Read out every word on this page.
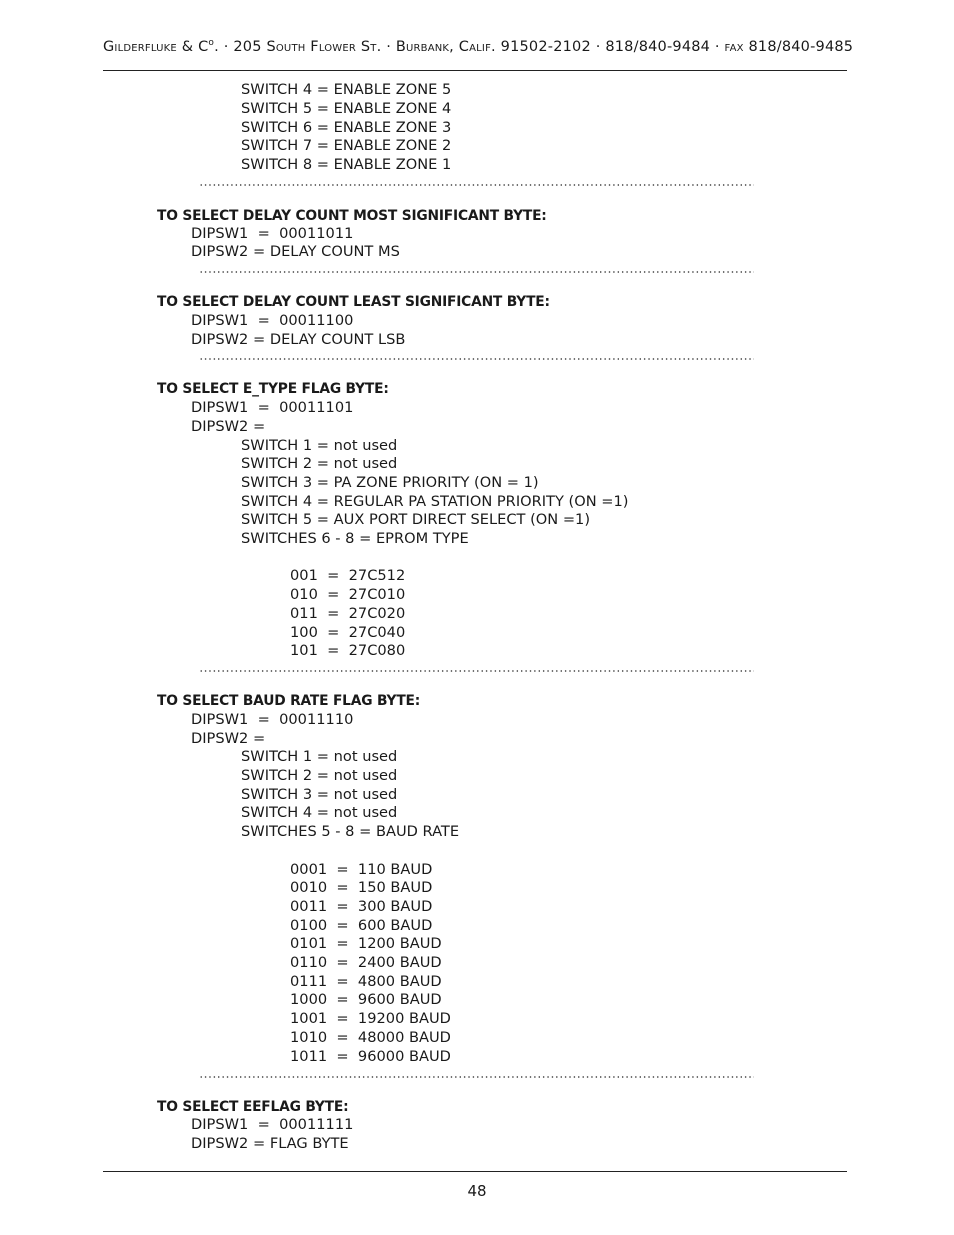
Gilderfluke & $C^o$. · 205 South Flower St. · Burbank, Calif. 91502-2102 · 818/840-9484 · fax 818/840-9485
SWITCH 4 = ENABLE ZONE 5
SWITCH 5 = ENABLE ZONE 4
SWITCH 6 = ENABLE ZONE 3
SWITCH 7 = ENABLE ZONE 2
SWITCH 8 = ENABLE ZONE 1
TO SELECT DELAY COUNT MOST SIGNIFICANT BYTE:
DIPSW1  =  00011011
DIPSW2 = DELAY COUNT MS
TO SELECT DELAY COUNT LEAST SIGNIFICANT BYTE:
DIPSW1  =  00011100
DIPSW2 = DELAY COUNT LSB
TO SELECT E_TYPE FLAG BYTE:
DIPSW1  =  00011101
DIPSW2 =
SWITCH 1 = not used
SWITCH 2 = not used
SWITCH 3 = PA ZONE PRIORITY (ON = 1)
SWITCH 4 = REGULAR PA STATION PRIORITY (ON =1)
SWITCH 5 = AUX PORT DIRECT SELECT (ON =1)
SWITCHES 6 - 8 = EPROM TYPE
001  =  27C512
010  =  27C010
011  =  27C020
100  =  27C040
101  =  27C080
TO SELECT BAUD RATE FLAG BYTE:
DIPSW1  =  00011110
DIPSW2 =
SWITCH 1 = not used
SWITCH 2 = not used
SWITCH 3 = not used
SWITCH 4 = not used
SWITCHES 5 - 8 = BAUD RATE
0001  =  110 BAUD
0010  =  150 BAUD
0011  =  300 BAUD
0100  =  600 BAUD
0101  =  1200 BAUD
0110  =  2400 BAUD
0111  =  4800 BAUD
1000  =  9600 BAUD
1001  =  19200 BAUD
1010  =  48000 BAUD
1011  =  96000 BAUD
TO SELECT EEFLAG BYTE:
DIPSW1  =  00011111
DIPSW2 = FLAG BYTE
48
